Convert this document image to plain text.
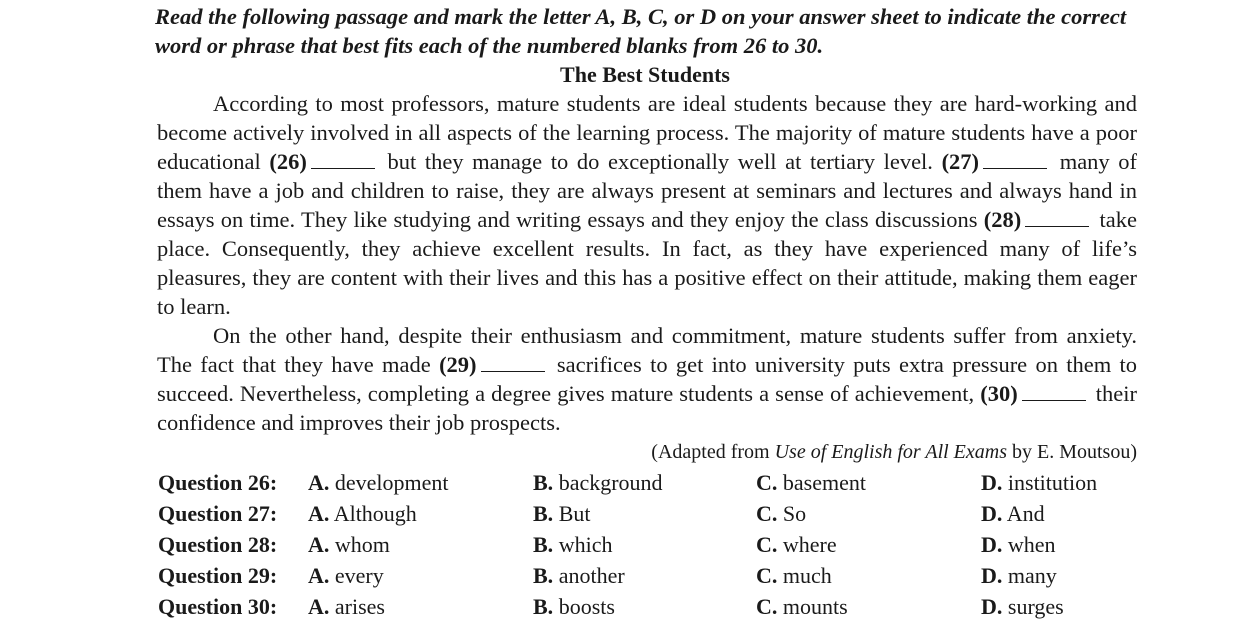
Read the following passage and mark the letter A, B, C, or D on your answer sheet to indicate the correct word or phrase that best fits each of the numbered blanks from 26 to 30.
The Best Students

According to most professors, mature students are ideal students because they are hard-working and become actively involved in all aspects of the learning process. The majority of mature students have a poor educational (26)	but they manage to do exceptionally well at tertiary level. (27)	many of them have a job and children to raise, they are always present at seminars and lectures and always hand in essays on time. They like studying and writing essays and they enjoy the class discussions (28)	take place. Consequently, they achieve excellent results. In fact, as they have experienced many of life’s pleasures, they are content with their lives and this has a positive effect on their attitude, making them eager to learn.

On the other hand, despite their enthusiasm and commitment, mature students suffer from anxiety. The fact that they have made (29)	sacrifices to get into university puts extra pressure on them to succeed. Nevertheless, completing a degree gives mature students a sense of achievement, (30)	their confidence and improves their job prospects.

(Adapted from Use of English for All Exams by E. Moutsou)
Question 26: A. development	B. background	C. basement	D. institution
Question 27: A. Although	B. But	C. So	D. And
Question 28: A. whom	B. which	C. where	D. when
Question 29: A. every	B. another	C. much	D. many
Question 30: A. arises	B. boosts	C. mounts	D. surges
